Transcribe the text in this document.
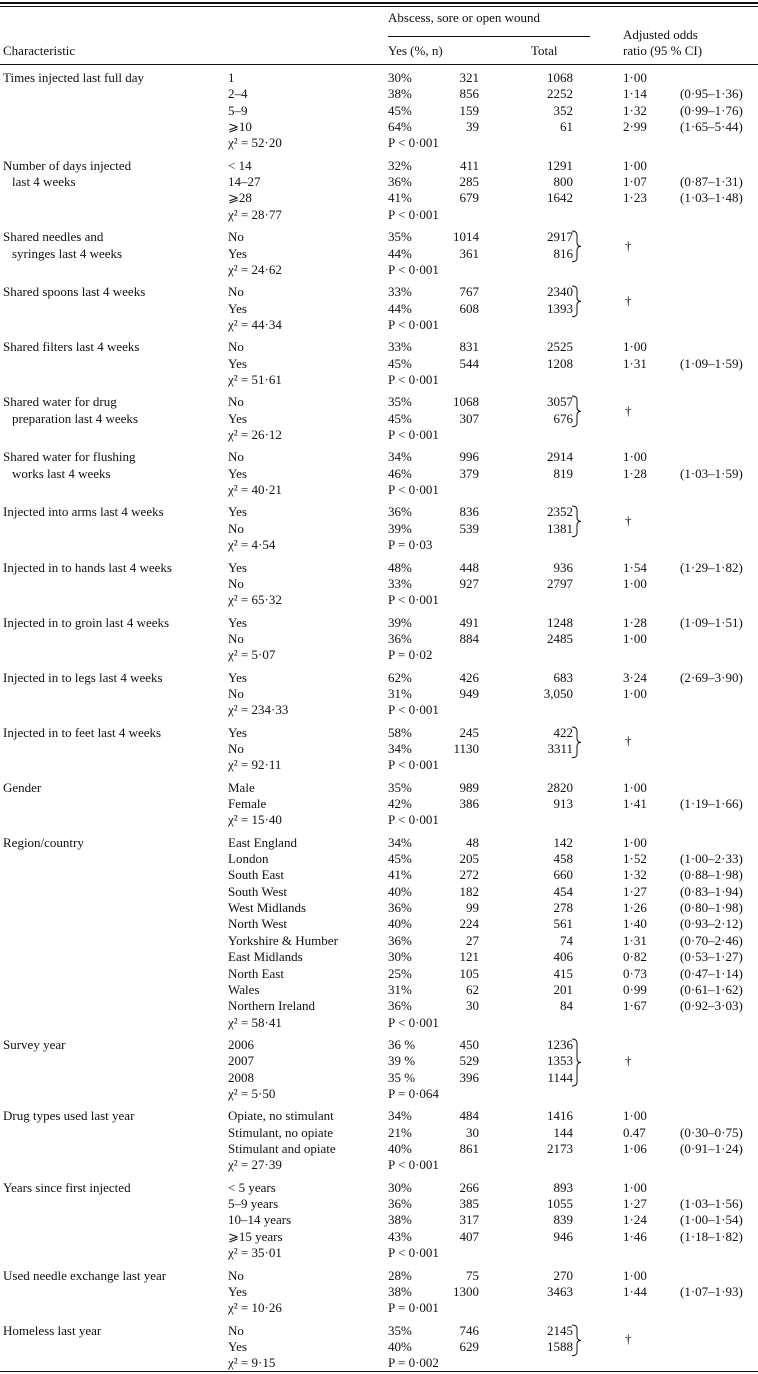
Abscess, sore or open wound
Characteristic	Yes (%, n)	Total
Adjusted odds
ratio (95 % CI)
Times injected last full day	1	30%	321	1068	1·00
2–4	38%	856	2252	1·14	(0·95–1·36)
5–9	45%	159	352	1·32	(0·99–1·76)
⩾10	64%	39	61	2·99	(1·65–5·44)
χ² = 52·20	P < 0·001
Number of days injected
last 4 weeks
< 14	32%	411	1291	1·00
14–27	36%	285	800	1·07	(0·87–1·31)
⩾28	41%	679	1642	1·23	(1·03–1·48)
χ² = 28·77	P < 0·001
Shared needles and
syringes last 4 weeks
No	35%	1014	2917
Yes	44%	361	816
χ² = 24·62	P < 0·001
†
Shared spoons last 4 weeks	No	33%	767	2340
Yes	44%	608	1393
χ² = 44·34	P < 0·001
†
Shared filters last 4 weeks	No	33%	831	2525	1·00
Yes	45%	544	1208	1·31	(1·09–1·59)
χ² = 51·61	P < 0·001
Shared water for drug
preparation last 4 weeks
No	35%	1068	3057
Yes	45%	307	676
χ² = 26·12	P < 0·001
†
Shared water for flushing
works last 4 weeks
No	34%	996	2914	1·00
Yes	46%	379	819	1·28	(1·03–1·59)
χ² = 40·21	P < 0·001
Injected into arms last 4 weeks	Yes	36%	836	2352
No	39%	539	1381
χ² = 4·54	P = 0·03
†
Injected in to hands last 4 weeks	Yes	48%	448	936	1·54	(1·29–1·82)
No	33%	927	2797	1·00
χ² = 65·32	P < 0·001
Injected in to groin last 4 weeks	Yes	39%	491	1248	1·28	(1·09–1·51)
No	36%	884	2485	1·00
χ² = 5·07	P = 0·02
Injected in to legs last 4 weeks	Yes	62%	426	683	3·24	(2·69–3·90)
No	31%	949	3,050	1·00
χ² = 234·33	P < 0·001
Injected in to feet last 4 weeks	Yes	58%	245	422
No	34%	1130	3311
χ² = 92·11	P < 0·001
†
Gender	Male	35%	989	2820	1·00
Female	42%	386	913	1·41	(1·19–1·66)
χ² = 15·40	P < 0·001
Region/country	East England	34%	48	142	1·00
London	45%	205	458	1·52	(1·00–2·33)
South East	41%	272	660	1·32	(0·88–1·98)
South West	40%	182	454	1·27	(0·83–1·94)
West Midlands	36%	99	278	1·26	(0·80–1·98)
North West	40%	224	561	1·40	(0·93–2·12)
Yorkshire & Humber	36%	27	74	1·31	(0·70–2·46)
East Midlands	30%	121	406	0·82	(0·53–1·27)
North East	25%	105	415	0·73	(0·47–1·14)
Wales	31%	62	201	0·99	(0·61–1·62)
Northern Ireland	36%	30	84	1·67	(0·92–3·03)
χ² = 58·41	P < 0·001
Survey year	2006	36 %	450	1236
2007	39 %	529	1353
2008	35 %	396	1144
χ² = 5·50	P = 0·064
†
Drug types used last year	Opiate, no stimulant	34%	484	1416	1·00
Stimulant, no opiate	21%	30	144	0.47	(0·30–0·75)
Stimulant and opiate	40%	861	2173	1·06	(0·91–1·24)
χ² = 27·39	P < 0·001
Years since first injected	< 5 years	30%	266	893	1·00
5–9 years	36%	385	1055	1·27	(1·03–1·56)
10–14 years	38%	317	839	1·24	(1·00–1·54)
⩾15 years	43%	407	946	1·46	(1·18–1·82)
χ² = 35·01	P < 0·001
Used needle exchange last year	No	28%	75	270	1·00
Yes	38%	1300	3463	1·44	(1·07–1·93)
χ² = 10·26	P = 0·001
Homeless last year	No	35%	746	2145
Yes	40%	629	1588
χ² = 9·15	P = 0·002
†
